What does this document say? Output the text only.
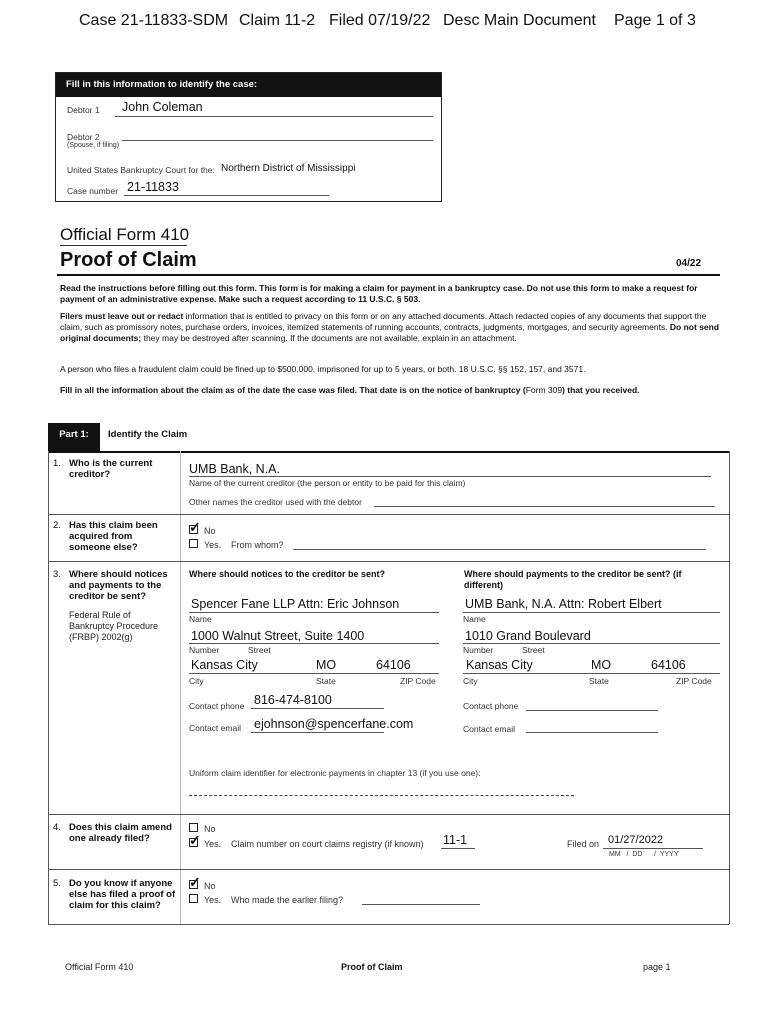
Case 21-11833-SDM Claim 11-2 Filed 07/19/22 Desc Main Document Page 1 of 3
Fill in this information to identify the case:
Debtor 1 John Coleman
Debtor 2
(Spouse, if filing)
United States Bankruptcy Court for the: Northern District of Mississippi
Case number 21-11833
Official Form 410
Proof of Claim	04/22
Read the instructions before filling out this form. This form is for making a claim for payment in a bankruptcy case. Do not use this form to make a request for payment of an administrative expense. Make such a request according to 11 U.S.C. § 503.
Filers must leave out or redact information that is entitled to privacy on this form or on any attached documents. Attach redacted copies of any documents that support the claim, such as promissory notes, purchase orders, invoices, itemized statements of running accounts, contracts, judgments, mortgages, and security agreements. Do not send original documents; they may be destroyed after scanning. If the documents are not available, explain in an attachment.
A person who files a fraudulent claim could be fined up to $500,000, imprisoned for up to 5 years, or both. 18 U.S.C. §§ 152, 157, and 3571.
Fill in all the information about the claim as of the date the case was filed. That date is on the notice of bankruptcy (Form 309) that you received.
Part 1:	Identify the Claim
1. Who is the current creditor?	UMB Bank, N.A.
Name of the current creditor (the person or entity to be paid for this claim)
Other names the creditor used with the debtor
2. Has this claim been acquired from someone else?
✓ No
Yes. From whom?
3. Where should notices and payments to the creditor be sent?
Federal Rule of Bankruptcy Procedure (FRBP) 2002(g)
Where should notices to the creditor be sent?	Where should payments to the creditor be sent? (if different)
Spencer Fane LLP Attn: Eric Johnson
Name
UMB Bank, N.A. Attn: Robert Elbert
Name
1000 Walnut Street, Suite 1400
Number	Street
1010 Grand Boulevard
Number	Street
Kansas City	MO	64106
City	State	ZIP Code
Kansas City	MO	64106
City	State	ZIP Code
Contact phone 816-474-8100	Contact phone
Contact email ejohnson@spencerfane.com	Contact email
Uniform claim identifier for electronic payments in chapter 13 (if you use one):
4. Does this claim amend one already filed?
No
✓ Yes. Claim number on court claims registry (if known) 11-1	Filed on 01/27/2022
MM   /  DD      /  YYYY
5. Do you know if anyone else has filed a proof of claim for this claim?
✓ No
Yes. Who made the earlier filing?
Official Form 410	Proof of Claim	page 1
